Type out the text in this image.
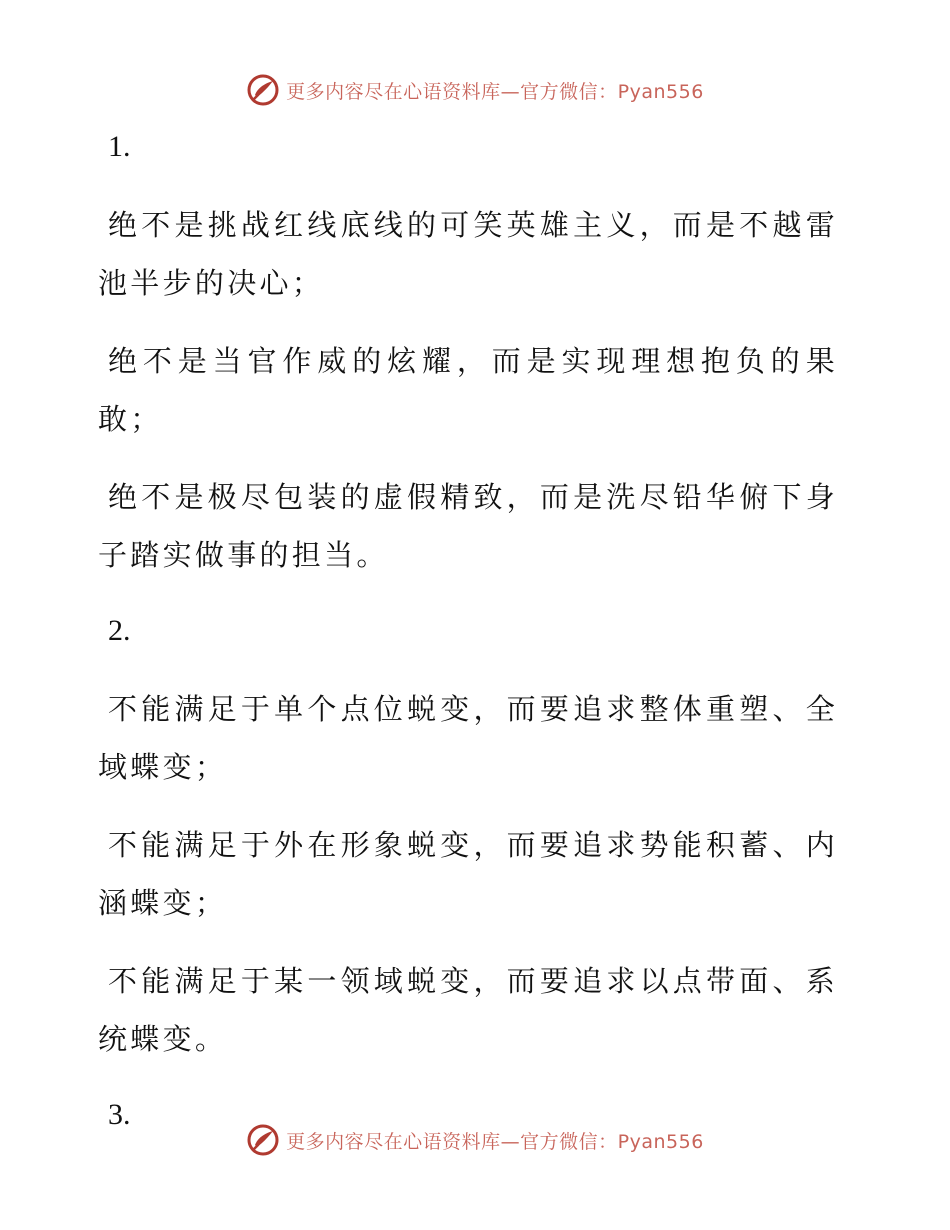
更多内容尽在心语资料库—官方微信：Pyan556

1.

绝不是挑战红线底线的可笑英雄主义，而是不越雷池半步的决心；

绝不是当官作威的炫耀，而是实现理想抱负的果敢；

绝不是极尽包装的虚假精致，而是洗尽铅华俯下身子踏实做事的担当。

2.

不能满足于单个点位蜕变，而要追求整体重塑、全域蝶变；

不能满足于外在形象蜕变，而要追求势能积蓄、内涵蝶变；

不能满足于某一领域蜕变，而要追求以点带面、系统蝶变。

3.

更多内容尽在心语资料库—官方微信：Pyan556
